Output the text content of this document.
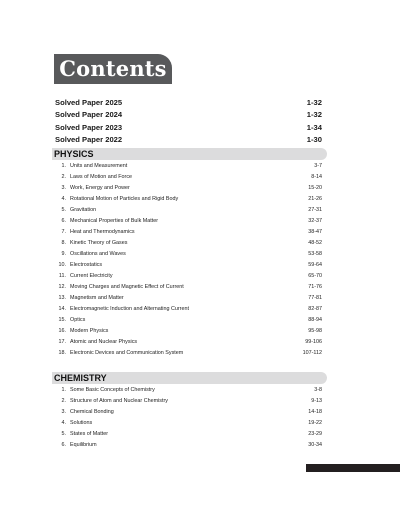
Contents
Solved Paper 2025	1-32
Solved Paper 2024	1-32
Solved Paper 2023	1-34
Solved Paper 2022	1-30
PHYSICS
1. Units and Measurement	3-7
2. Laws of Motion and Force	8-14
3. Work, Energy and Power	15-20
4. Rotational Motion of Particles and Rigid Body	21-26
5. Gravitation	27-31
6. Mechanical Properties of Bulk Matter	32-37
7. Heat and Thermodynamics	38-47
8. Kinetic Theory of Gases	48-52
9. Oscillations and Waves	53-58
10. Electrostatics	59-64
11. Current Electricity	65-70
12. Moving Charges and Magnetic Effect of Current	71-76
13. Magnetism and Matter	77-81
14. Electromagnetic Induction and Alternating Current	82-87
15. Optics	88-94
16. Modern Physics	95-98
17. Atomic and Nuclear Physics	99-106
18. Electronic Devices and Communication System	107-112
CHEMISTRY
1. Some Basic Concepts of Chemistry	3-8
2. Structure of Atom and Nuclear Chemistry	9-13
3. Chemical Bonding	14-18
4. Solutions	19-22
5. States of Matter	23-29
6. Equilibrium	30-34
